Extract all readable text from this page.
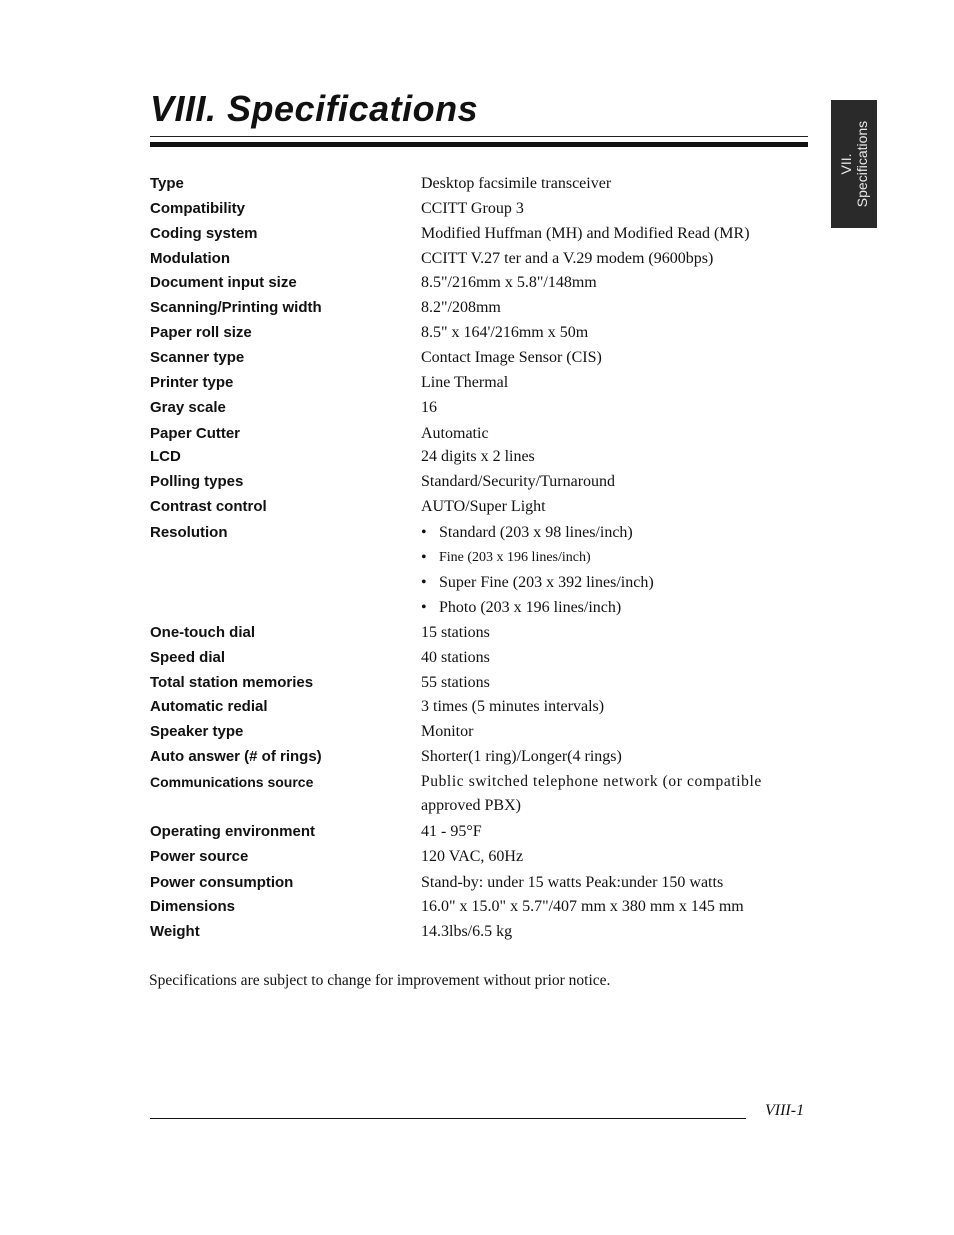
VIII. Specifications
VII. Specifications
Type	Desktop facsimile transceiver
Compatibility	CCITT Group 3
Coding system	Modified Huffman (MH) and Modified Read (MR)
Modulation	CCITT V.27 ter and a V.29 modem (9600bps)
Document input size	8.5"/216mm x 5.8"/148mm
Scanning/Printing width	8.2"/208mm
Paper roll size	8.5" x 164'/216mm x 50m
Scanner type	Contact Image Sensor (CIS)
Printer type	Line Thermal
Gray scale	16
Paper Cutter	Automatic
LCD	24 digits x 2 lines
Polling types	Standard/Security/Turnaround
Contrast control	AUTO/Super Light
Resolution	• Standard (203 x 98 lines/inch)
• Fine (203 x 196 lines/inch)
• Super Fine (203 x 392 lines/inch)
• Photo (203 x 196 lines/inch)
One-touch dial	15 stations
Speed dial	40 stations
Total station memories	55 stations
Automatic redial	3 times (5 minutes intervals)
Speaker type	Monitor
Auto answer (# of rings)	Shorter(1 ring)/Longer(4 rings)
Communications source	Public switched telephone network (or compatible
approved PBX)
Operating environment	41 - 95°F
Power source	120 VAC, 60Hz
Power consumption	Stand-by: under 15 watts Peak:under 150 watts
Dimensions	16.0" x 15.0" x 5.7"/407 mm x 380 mm x 145 mm
Weight	14.3lbs/6.5 kg

Specifications are subject to change for improvement without prior notice.

VIII-1
